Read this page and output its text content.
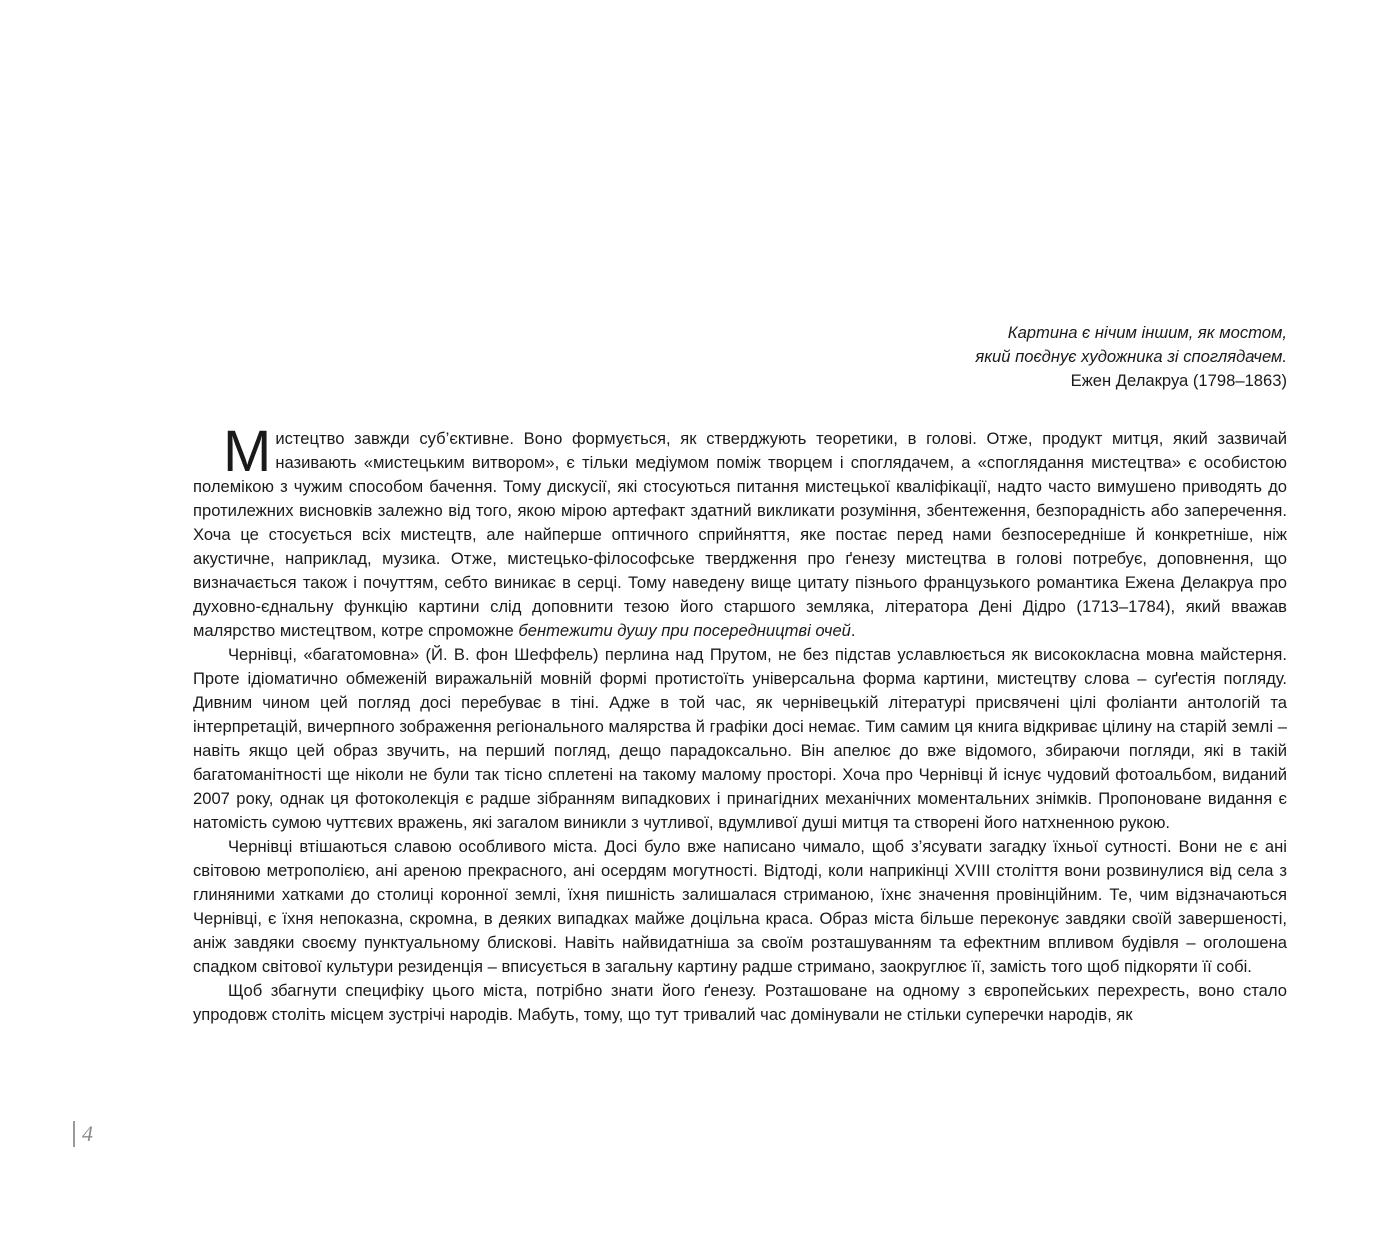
Картина є нічим іншим, як мостом,
який поєднує художника зі споглядачем.
Ежен Делакруа (1798–1863)

Мистецтво завжди суб’єктивне. Воно формується, як стверджують теоретики, в голові. Отже, продукт митця, який зазвичай називають «мистецьким витвором», є тільки медіумом поміж творцем і споглядачем, а «споглядання мистецтва» є особистою полемікою з чужим способом бачення. Тому дискусії, які стосуються питання мистецької кваліфікації, надто часто вимушено приводять до протилежних висновків залежно від того, якою мірою артефакт здатний викликати розуміння, збентеження, безпорадність або заперечення. Хоча це стосується всіх мистецтв, але найперше оптичного сприйняття, яке постає перед нами безпосередніше й конкретніше, ніж акустичне, наприклад, музика. Отже, мистецько-філософське твердження про ґенезу мистецтва в голові потребує, доповнення, що визначається також і почуттям, себто виникає в серці. Тому наведену вище цитату пізнього французького романтика Ежена Делакруа про духовно-єднальну функцію картини слід доповнити тезою його старшого земляка, літератора Дені Дідро (1713–1784), який вважав малярство мистецтвом, котре спроможне бентежити душу при посередництві очей.

Чернівці, «багатомовна» (Й. В. фон Шеффель) перлина над Прутом, не без підстав уславлюється як висококласна мовна майстерня. Проте ідіоматично обмеженій виражальній мовній формі протистоїть універсальна форма картини, мистецтву слова – суґестія погляду. Дивним чином цей погляд досі перебуває в тіні. Адже в той час, як чернівецькій літературі присвячені цілі фоліанти антологій та інтерпретацій, вичерпного зображення регіонального малярства й графіки досі немає. Тим самим ця книга відкриває цілину на старій землі – навіть якщо цей образ звучить, на перший погляд, дещо парадоксально. Він апелює до вже відомого, збираючи погляди, які в такій багатоманітності ще ніколи не були так тісно сплетені на такому малому просторі. Хоча про Чернівці й існує чудовий фотоальбом, виданий 2007 року, однак ця фотоколекція є радше зібранням випадкових і принагідних механічних моментальних знімків. Пропоноване видання є натомість сумою чуттєвих вражень, які загалом виникли з чутливої, вдумливої душі митця та створені його натхненною рукою.

Чернівці втішаються славою особливого міста. Досі було вже написано чимало, щоб з’ясувати загадку їхньої сутності. Вони не є ані світовою метрополією, ані ареною прекрасного, ані осердям могутності. Відтоді, коли наприкінці XVIII століття вони розвинулися від села з глиняними хатками до столиці коронної землі, їхня пишність залишалася стриманою, їхнє значення провінційним. Те, чим відзначаються Чернівці, є їхня непоказна, скромна, в деяких випадках майже доцільна краса. Образ міста більше переконує завдяки своїй завершеності, аніж завдяки своєму пунктуальному блискові. Навіть найвидатніша за своїм розташуванням та ефектним впливом будівля – оголошена спадком світової культури резиденція – вписується в загальну картину радше стримано, заокруглює її, замість того щоб підкоряти її собі.

Щоб збагнути специфіку цього міста, потрібно знати його ґенезу. Розташоване на одному з європейських перехресть, воно стало упродовж століть місцем зустрічі народів. Мабуть, тому, що тут тривалий час домінували не стільки суперечки народів, як

4
